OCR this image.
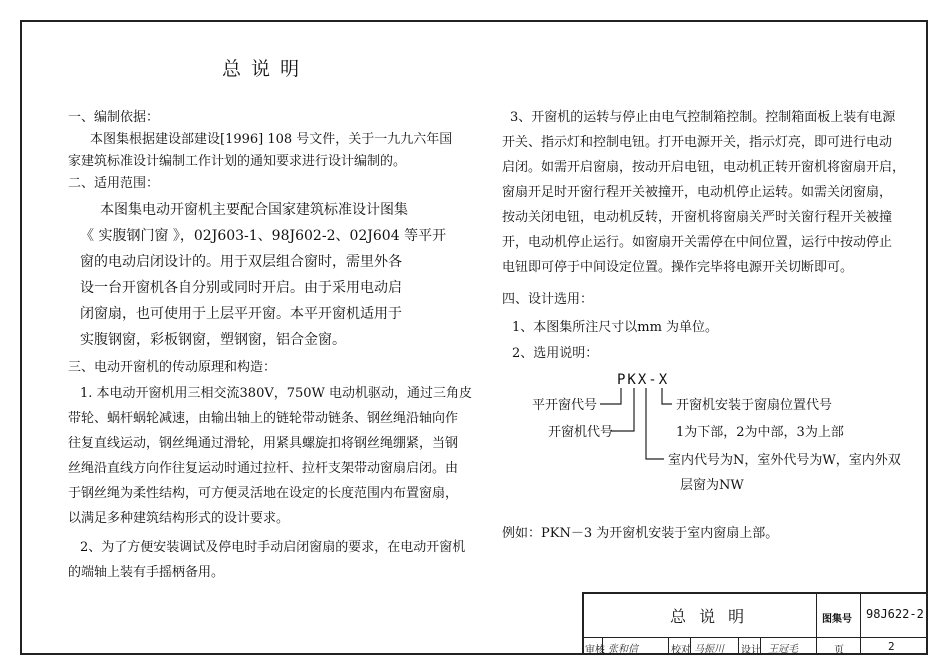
总 说 明
一、编制依据：
本图集根据建设部建设[1996] 108 号文件，关于一九九六年国
家建筑标准设计编制工作计划的通知要求进行设计编制的。
二、适用范围：
本图集电动开窗机主要配合国家建筑标准设计图集
《 实腹钢门窗 》，02J603-1、98J602-2、02J604 等平开
窗的电动启闭设计的。用于双层组合窗时，需里外各
设一台开窗机各自分别或同时开启。由于采用电动启
闭窗扇，也可使用于上层平开窗。本平开窗机适用于
实腹钢窗，彩板钢窗，塑钢窗，铝合金窗。
三、电动开窗机的传动原理和构造：
1. 本电动开窗机用三相交流380V，750W 电动机驱动，通过三角皮
带轮、蜗杆蜗轮减速，由输出轴上的链轮带动链条、钢丝绳沿轴向作
往复直线运动，钢丝绳通过滑轮，用紧具螺旋扣将钢丝绳绷紧，当钢
丝绳沿直线方向作往复运动时通过拉杆、拉杆支架带动窗扇启闭。由
于钢丝绳为柔性结构，可方便灵活地在设定的长度范围内布置窗扇，
以满足多种建筑结构形式的设计要求。
2、为了方便安装调试及停电时手动启闭窗扇的要求，在电动开窗机
的端轴上装有手摇柄备用。
3、开窗机的运转与停止由电气控制箱控制。控制箱面板上装有电源
开关、指示灯和控制电钮。打开电源开关，指示灯亮，即可进行电动
启闭。如需开启窗扇，按动开启电钮，电动机正转开窗机将窗扇开启，
窗扇开足时开窗行程开关被撞开，电动机停止运转。如需关闭窗扇，
按动关闭电钮，电动机反转，开窗机将窗扇关严时关窗行程开关被撞
开，电动机停止运行。如窗扇开关需停在中间位置，运行中按动停止
电钮即可停于中间设定位置。操作完毕将电源开关切断即可。
四、设计选用：
1、本图集所注尺寸以mm 为单位。
2、选用说明：
PKX-X
平开窗代号
开窗机代号
开窗机安装于窗扇位置代号
1为下部，2为中部，3为上部
室内代号为N，室外代号为W，室内外双
层窗为NW
例如：PKN－3 为开窗机安装于室内窗扇上部。
总 说 明	图集号 98J622-2
审核 张和信	校对 马振川 设计 王冠毛	页	2
